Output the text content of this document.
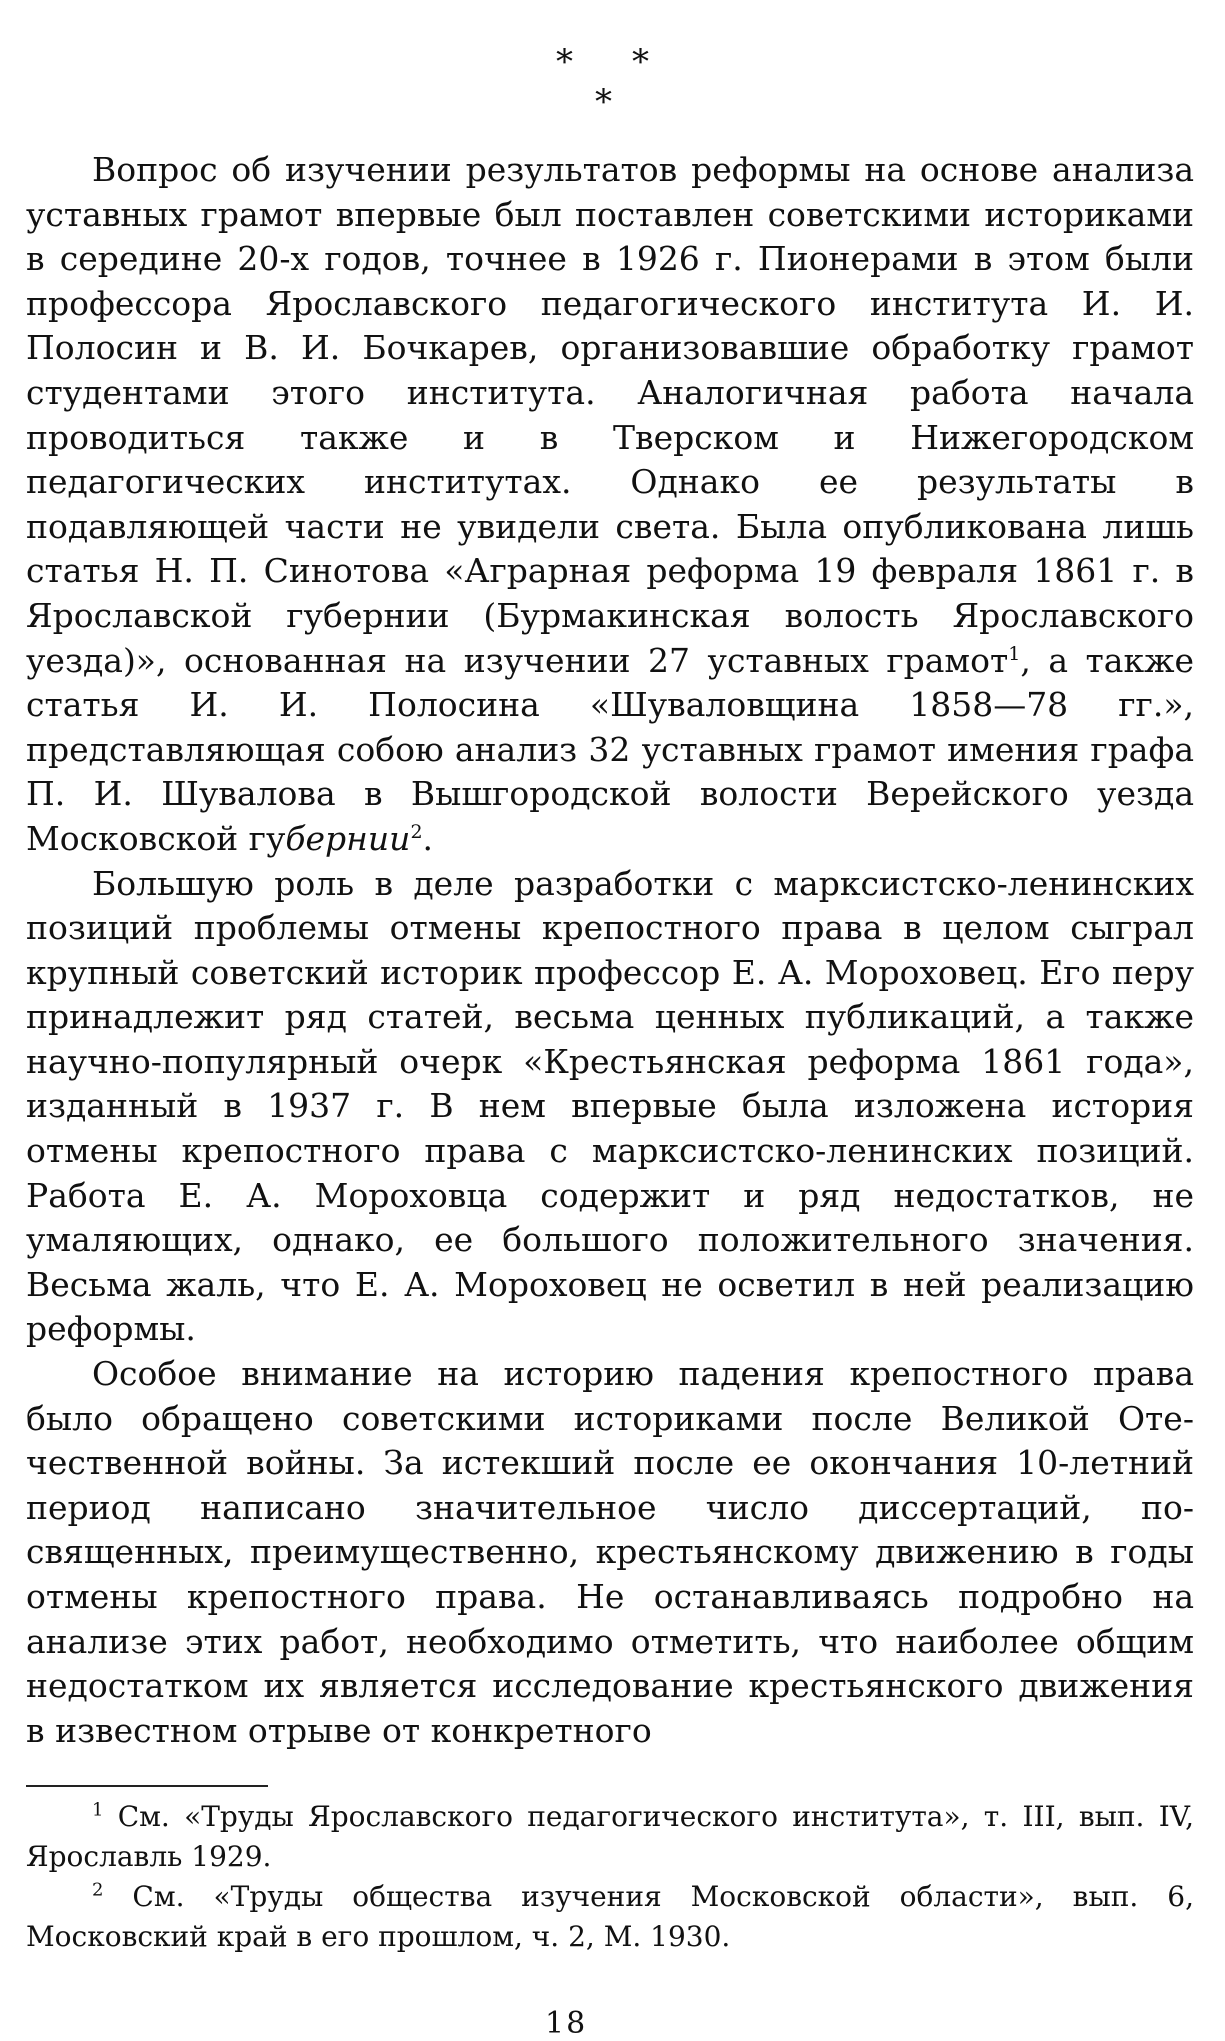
* *
*

Вопрос об изучении результатов реформы на основе анализа уставных грамот впервые был поставлен советскими историками в середине 20-х годов, точнее в 1926 г. Пионерами в этом были профессора Ярославского педагогического института И. И. Полосин и В. И. Бочкарев, организовавшие обработку грамот студентами этого института. Аналогичная работа начала проводиться также и в Тверском и Нижегородском педагогических институтах. Однако ее результаты в подавляющей части не увидели света. Была опубликована лишь статья Н. П. Синотова «Аграрная реформа 19 февраля 1861 г. в Ярославской губернии (Бурмакинская волость Ярославского уезда)», основанная на изучении 27 уставных грамот$^1$, а также статья И. И. Полосина «Шуваловщина 1858—78 гг.», представляющая собою анализ 32 уставных грамот имения графа П. И. Шувалова в Вышгородской волости Верейского уезда Московской губернии$^2$.

Большую роль в деле разработки с марксистско-ленинских позиций проблемы отмены крепостного права в целом сыграл крупный советский историк профессор Е. А. Мороховец. Его перу принадлежит ряд статей, весьма ценных публикаций, а также научно-популярный очерк «Крестьянская реформа 1861 года», изданный в 1937 г. В нем впервые была изложена история отмены крепостного права с марксистско-ленинских позиций. Работа Е. А. Мороховца содержит и ряд недостатков, не умаляющих, однако, ее большого положительного значения. Весьма жаль, что Е. А. Мороховец не осветил в ней реализацию реформы.

Особое внимание на историю падения крепостного права было обращено советскими историками после Великой Отечественной войны. За истекший после ее окончания 10-летний период написано значительное число диссертаций, посвященных, преимущественно, крестьянскому движению в годы отмены крепостного права. Не останавливаясь подробно на анализе этих работ, необходимо отметить, что наиболее общим недостатком их является исследование крестьянского движения в известном отрыве от конкретного

$^1$ См. «Труды Ярославского педагогического института», т. III, вып. IV, Ярославль 1929.

$^2$ См. «Труды общества изучения Московской области», вып. 6, Московский край в его прошлом, ч. 2, М. 1930.

18
